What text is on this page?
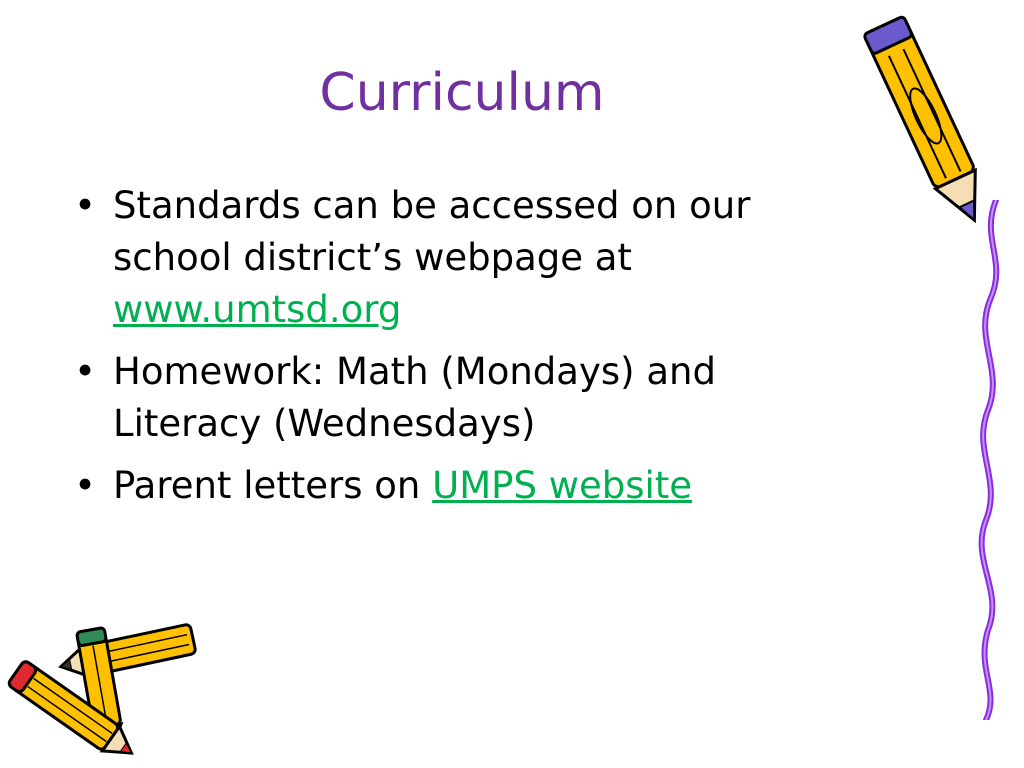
Curriculum
• Standards can be accessed on our school district’s webpage at www.umtsd.org
• Homework: Math (Mondays) and Literacy (Wednesdays)
• Parent letters on UMPS website
